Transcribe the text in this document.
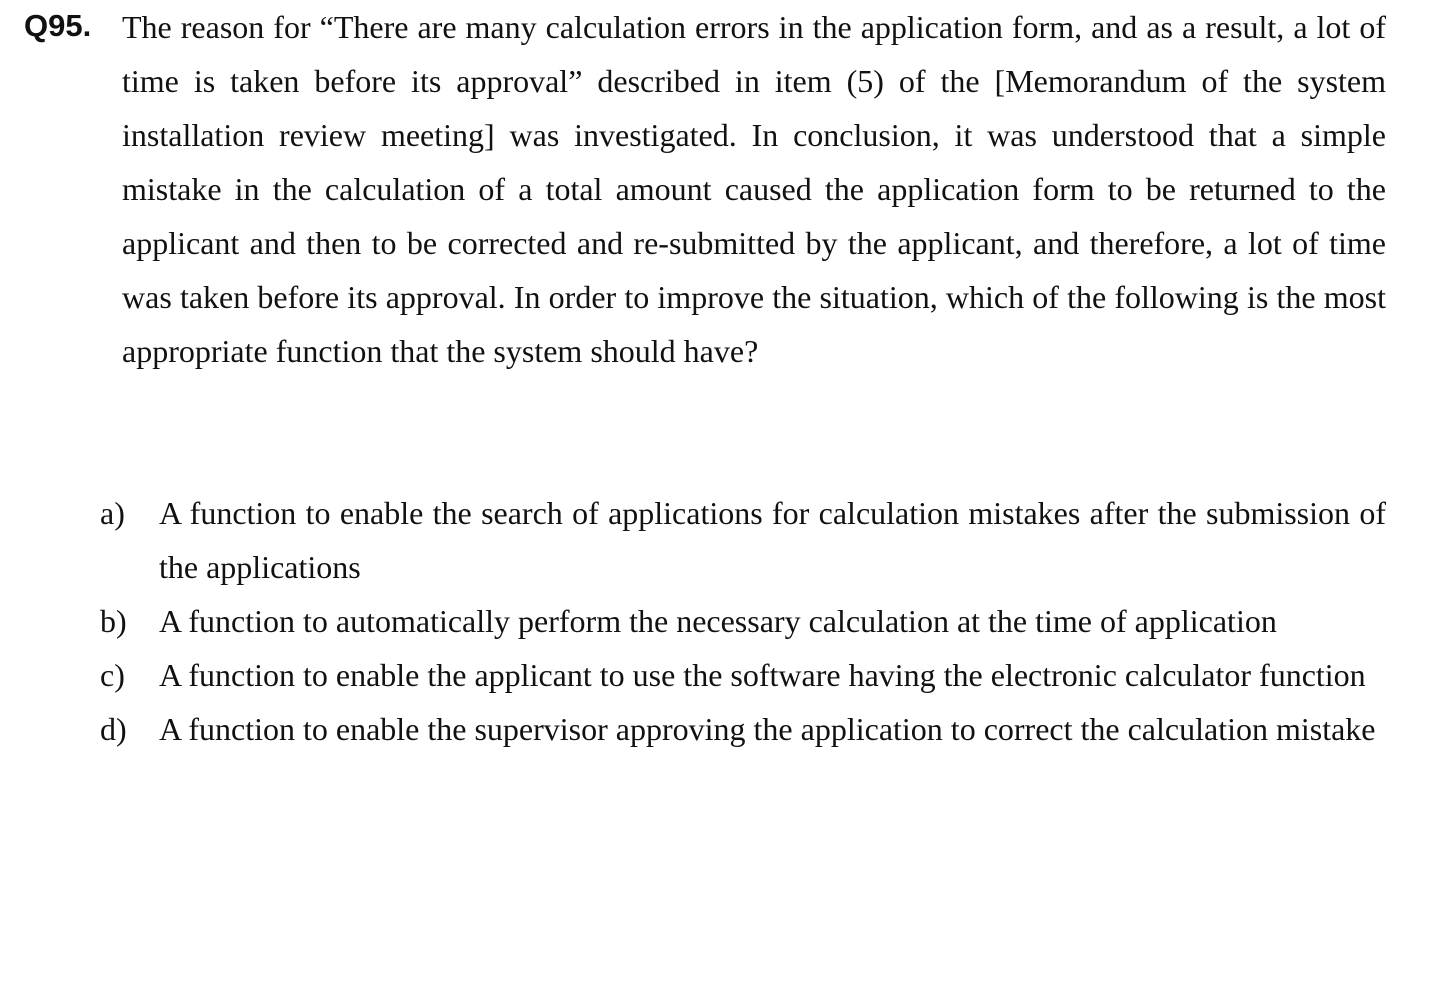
Q95. The reason for “There are many calculation errors in the application form, and as a result, a lot of time is taken before its approval” described in item (5) of the [Memorandum of the system installation review meeting] was investigated. In conclusion, it was understood that a simple mistake in the calculation of a total amount caused the application form to be returned to the applicant and then to be corrected and re-submitted by the applicant, and therefore, a lot of time was taken before its approval. In order to improve the situation, which of the following is the most appropriate function that the system should have?
a)	A function to enable the search of applications for calculation mistakes after the submission of the applications
b)	A function to automatically perform the necessary calculation at the time of application
c)	A function to enable the applicant to use the software having the electronic calculator function
d)	A function to enable the supervisor approving the application to correct the calculation mistake
